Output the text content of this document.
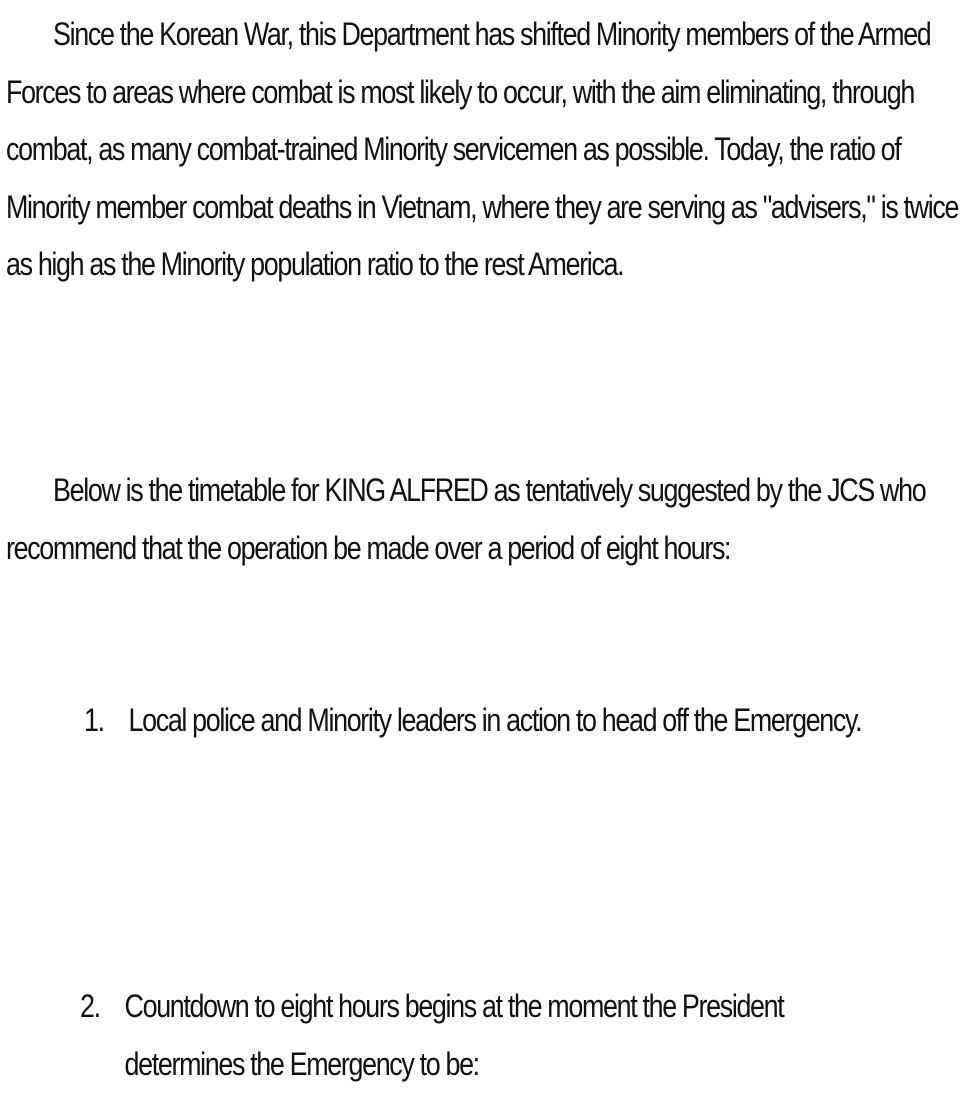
Since the Korean War, this Department has shifted Minority members of the Armed Forces to areas where combat is most likely to occur, with the aim eliminating, through combat, as many combat-trained Minority servicemen as possible. Today, the ratio of Minority member combat deaths in Vietnam, where they are serving as "advisers," is twice as high as the Minority population ratio to the rest America.

Below is the timetable for KING ALFRED as tentatively suggested by the JCS who recommend that the operation be made over a period of eight hours:

1. Local police and Minority leaders in action to head off the Emergency.
2. Countdown to eight hours begins at the moment the President determines the Emergency to be:
